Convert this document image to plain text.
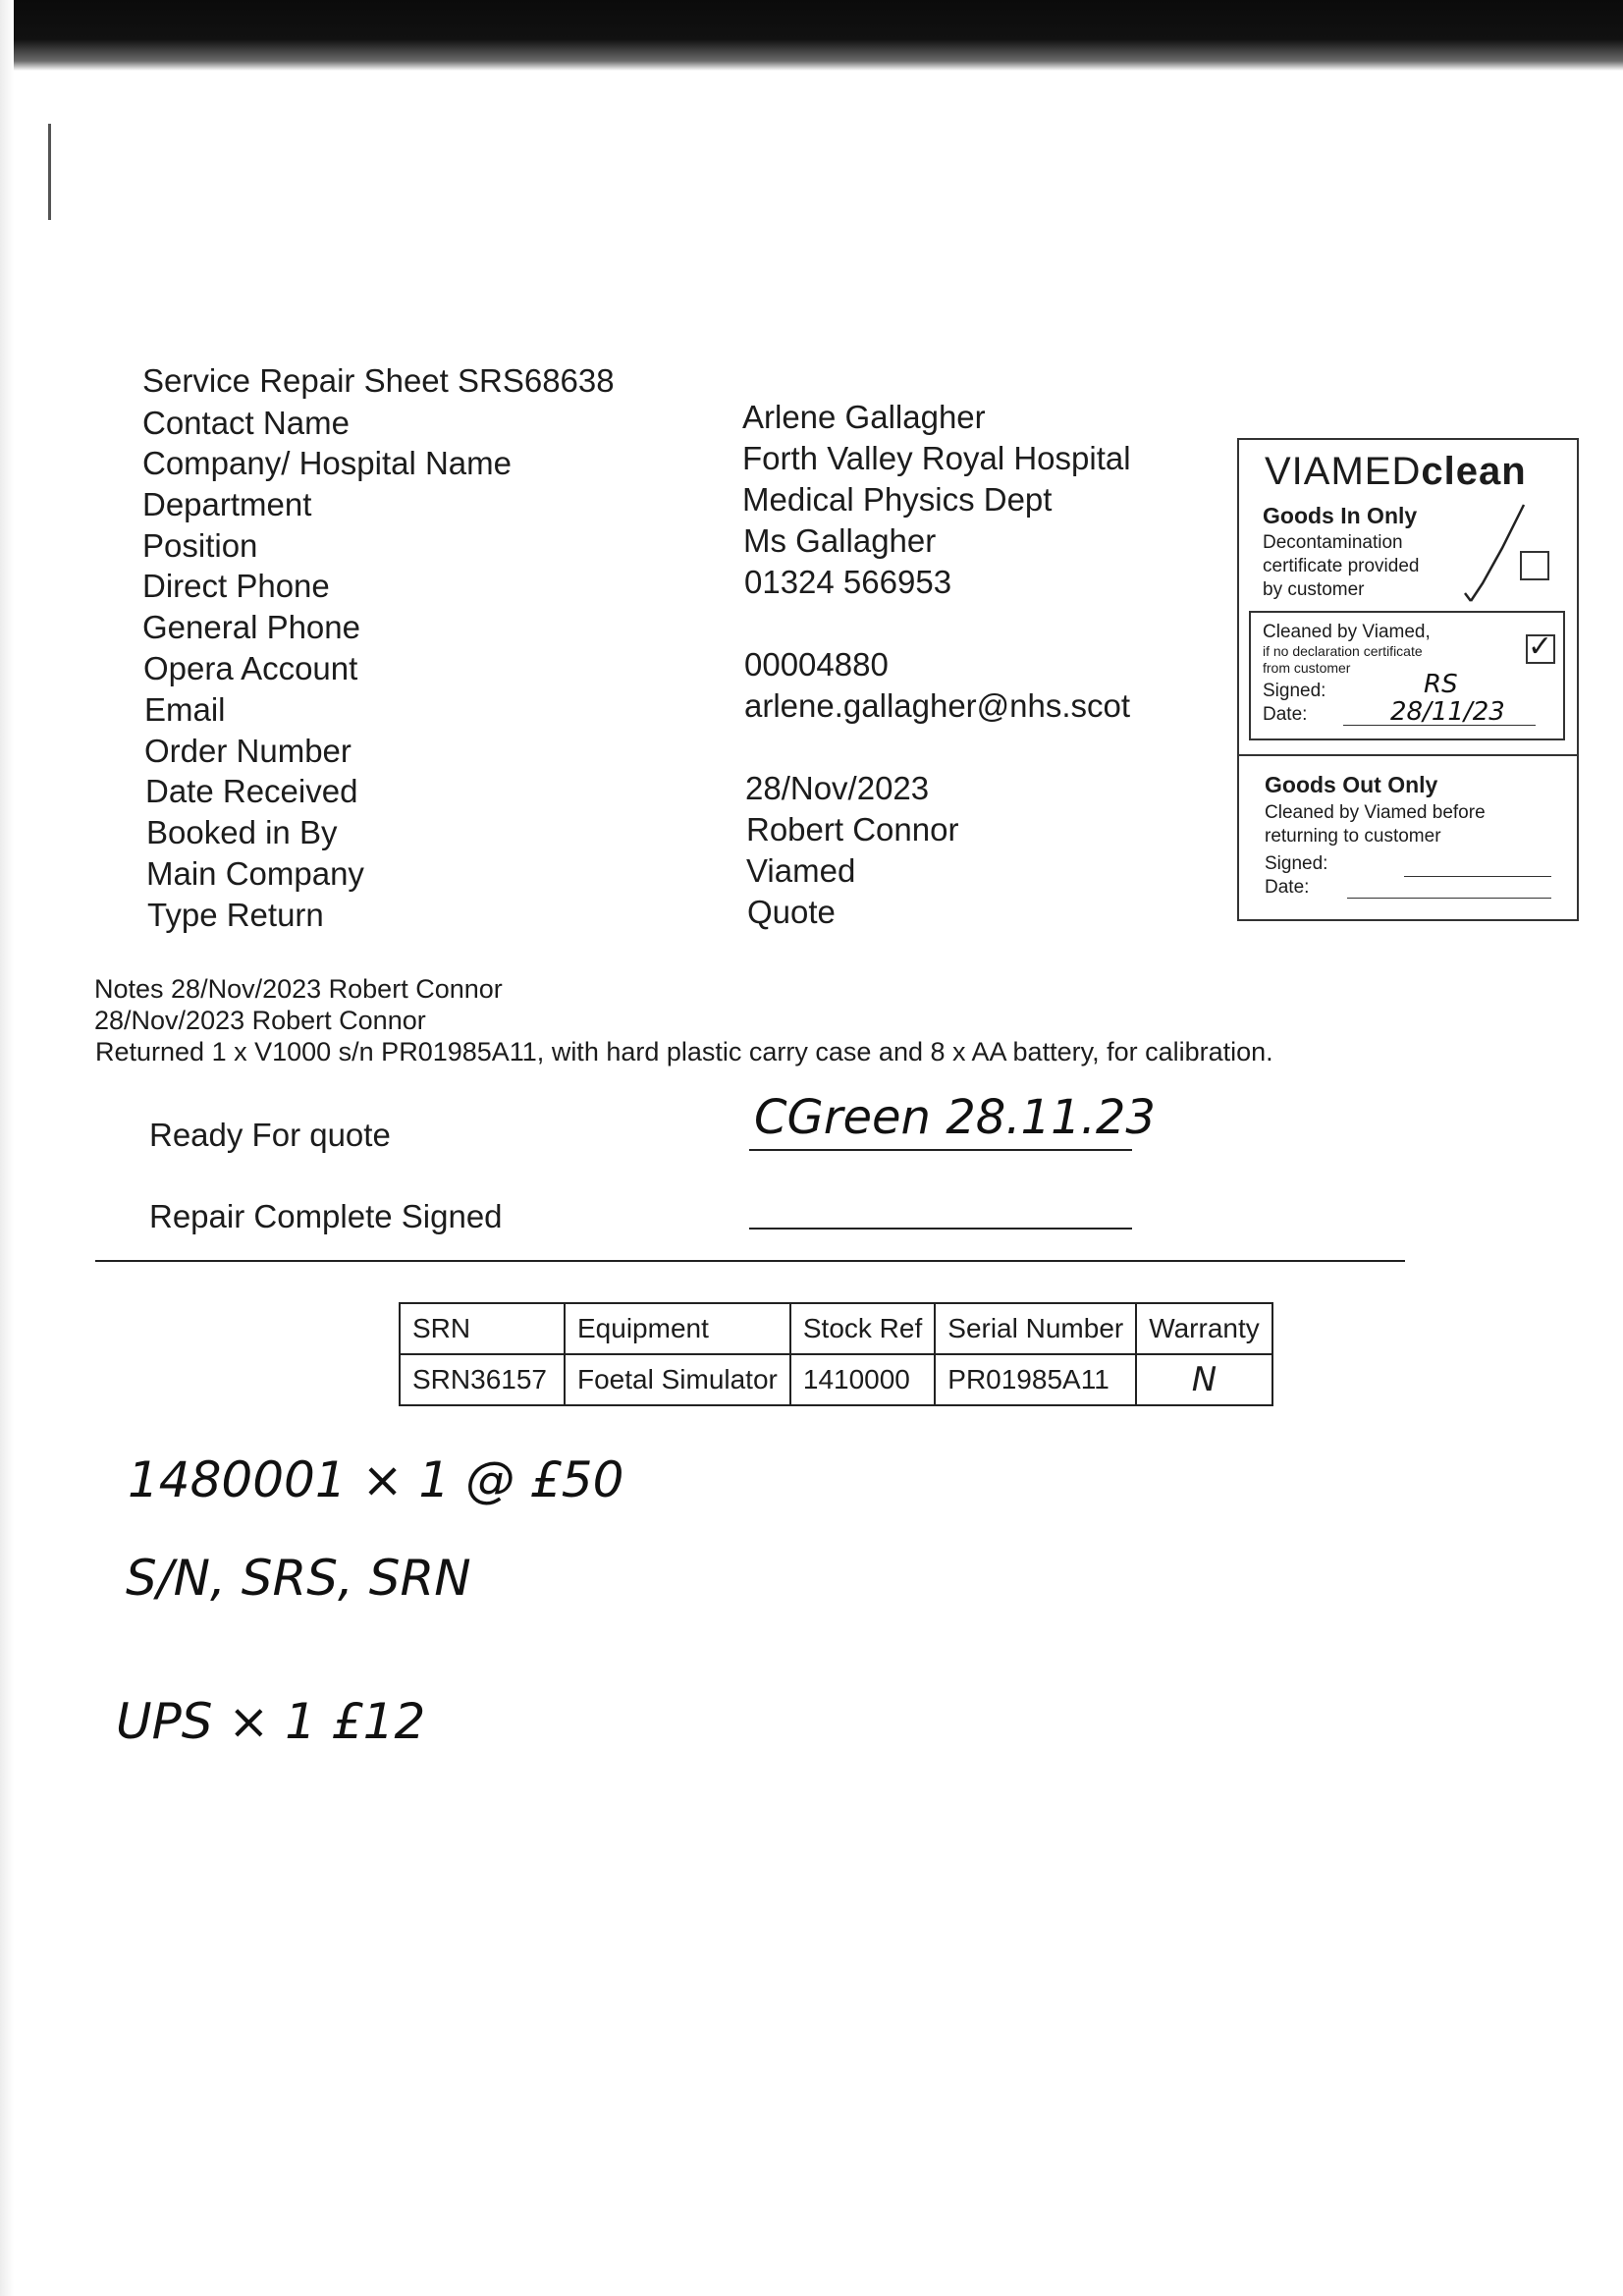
Service Repair Sheet SRS68638
Contact Name	Arlene Gallagher
Company/ Hospital Name	Forth Valley Royal Hospital
Department	Medical Physics Dept
Position	Ms Gallagher
Direct Phone	01324 566953
General Phone
Opera Account	00004880
Email	arlene.gallagher@nhs.scot
Order Number
Date Received	28/Nov/2023
Booked in By	Robert Connor
Main Company	Viamed
Type Return	Quote
VIAMEDclean
Goods In Only
Decontamination
certificate provided
by customer
Cleaned by Viamed,
if no declaration certificate
from customer
Signed:
Date:
✓
RS
28/11/23
Goods Out Only
Cleaned by Viamed before
returning to customer
Signed:
Date:
Notes 28/Nov/2023 Robert Connor
28/Nov/2023 Robert Connor
Returned 1 x V1000 s/n PR01985A11, with hard plastic carry case and 8 x AA battery, for calibration.
Ready For quote	CGreen 28.11.23
Repair Complete Signed
SRN	Equipment	Stock Ref	Serial Number	Warranty
SRN36157	Foetal Simulator	1410000	PR01985A11	N
1480001 × 1 @ £50
S/N, SRS, SRN
UPS × 1 £12
